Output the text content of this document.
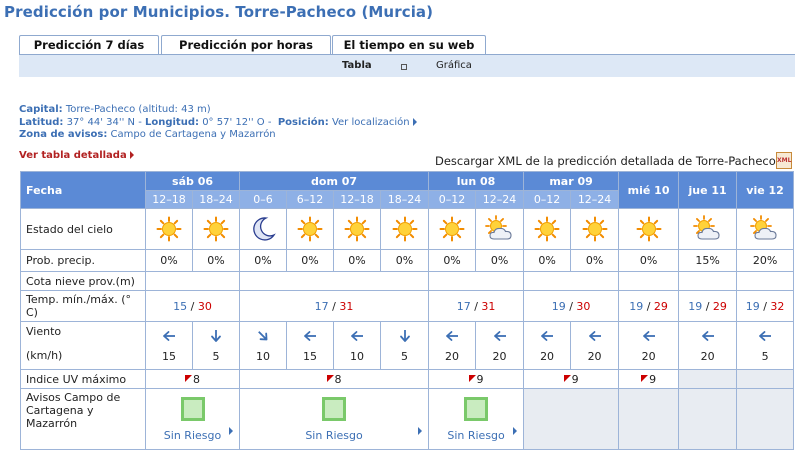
Predicción por Municipios. Torre-Pacheco (Murcia)
Predicción 7 días	Predicción por horas	El tiempo en su web
Tabla	Gráfica
Capital: Torre-Pacheco (altitud: 43 m)
Latitud: 37° 44' 34'' N - Longitud: 0° 57' 12'' O -  Posición: Ver localización
Zona de avisos: Campo de Cartagena y Mazarrón
Ver tabla detallada	Descargar XML de la predicción detallada de Torre-Pacheco XML
Fecha	sáb 06		dom 07				lun 08		mar 09		mié 10	jue 11	vie 12
	12–18	18–24	0–6	6–12	12–18	18–24	0–12	12–24	0–12	12–24			
Estado del cielo	

Prob. precip.	0%	0%	0%	0%	0%	0%	0%	0%	0%	0%	0%	15%	20%
Cota nieve prov.(m)													
Temp. mín./máx. (° C)	15 / 30		17 / 31				17 / 31		19 / 30		19 / 29	19 / 29	19 / 32

Viento
(km/h)	15	5	10	15	10	5	20	20	20	20	20	20	5

Indice UV máximo	8		8				9		9		9		
Avisos Campo de Cartagena y Mazarrón	Sin Riesgo		Sin Riesgo				Sin Riesgo						
